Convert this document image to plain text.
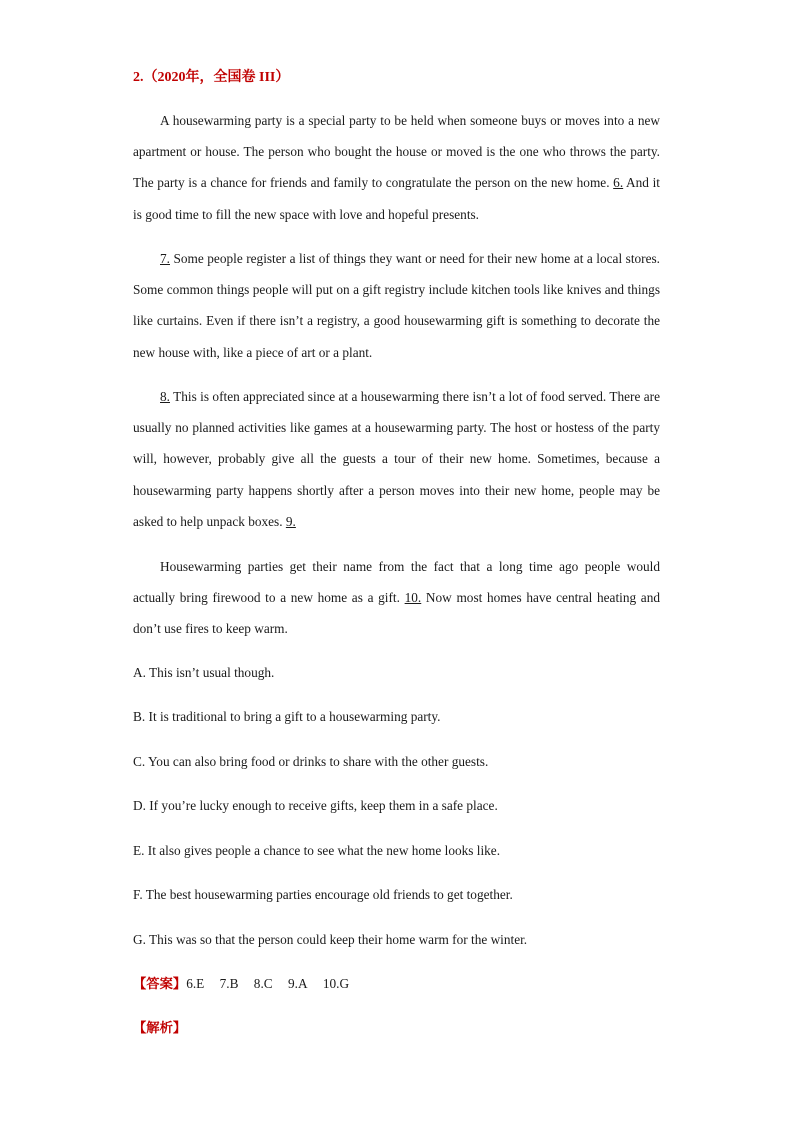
2.（2020年，全国卷 III）

A housewarming party is a special party to be held when someone buys or moves into a new apartment or house. The person who bought the house or moved is the one who throws the party. The party is a chance for friends and family to congratulate the person on the new home. 6. And it is good time to fill the new space with love and hopeful presents.

7. Some people register a list of things they want or need for their new home at a local stores. Some common things people will put on a gift registry include kitchen tools like knives and things like curtains. Even if there isn’t a registry, a good housewarming gift is something to decorate the new house with, like a piece of art or a plant.

8. This is often appreciated since at a housewarming there isn’t a lot of food served. There are usually no planned activities like games at a housewarming party. The host or hostess of the party will, however, probably give all the guests a tour of their new home. Sometimes, because a housewarming party happens shortly after a person moves into their new home, people may be asked to help unpack boxes. 9.

Housewarming parties get their name from the fact that a long time ago people would actually bring firewood to a new home as a gift. 10. Now most homes have central heating and don’t use fires to keep warm.

A. This isn’t usual though.

B. It is traditional to bring a gift to a housewarming party.

C. You can also bring food or drinks to share with the other guests.

D. If you’re lucky enough to receive gifts, keep them in a safe place.

E. It also gives people a chance to see what the new home looks like.

F. The best housewarming parties encourage old friends to get together.

G. This was so that the person could keep their home warm for the winter.

【答案】6.E 7.B 8.C 9.A 10.G
【解析】
